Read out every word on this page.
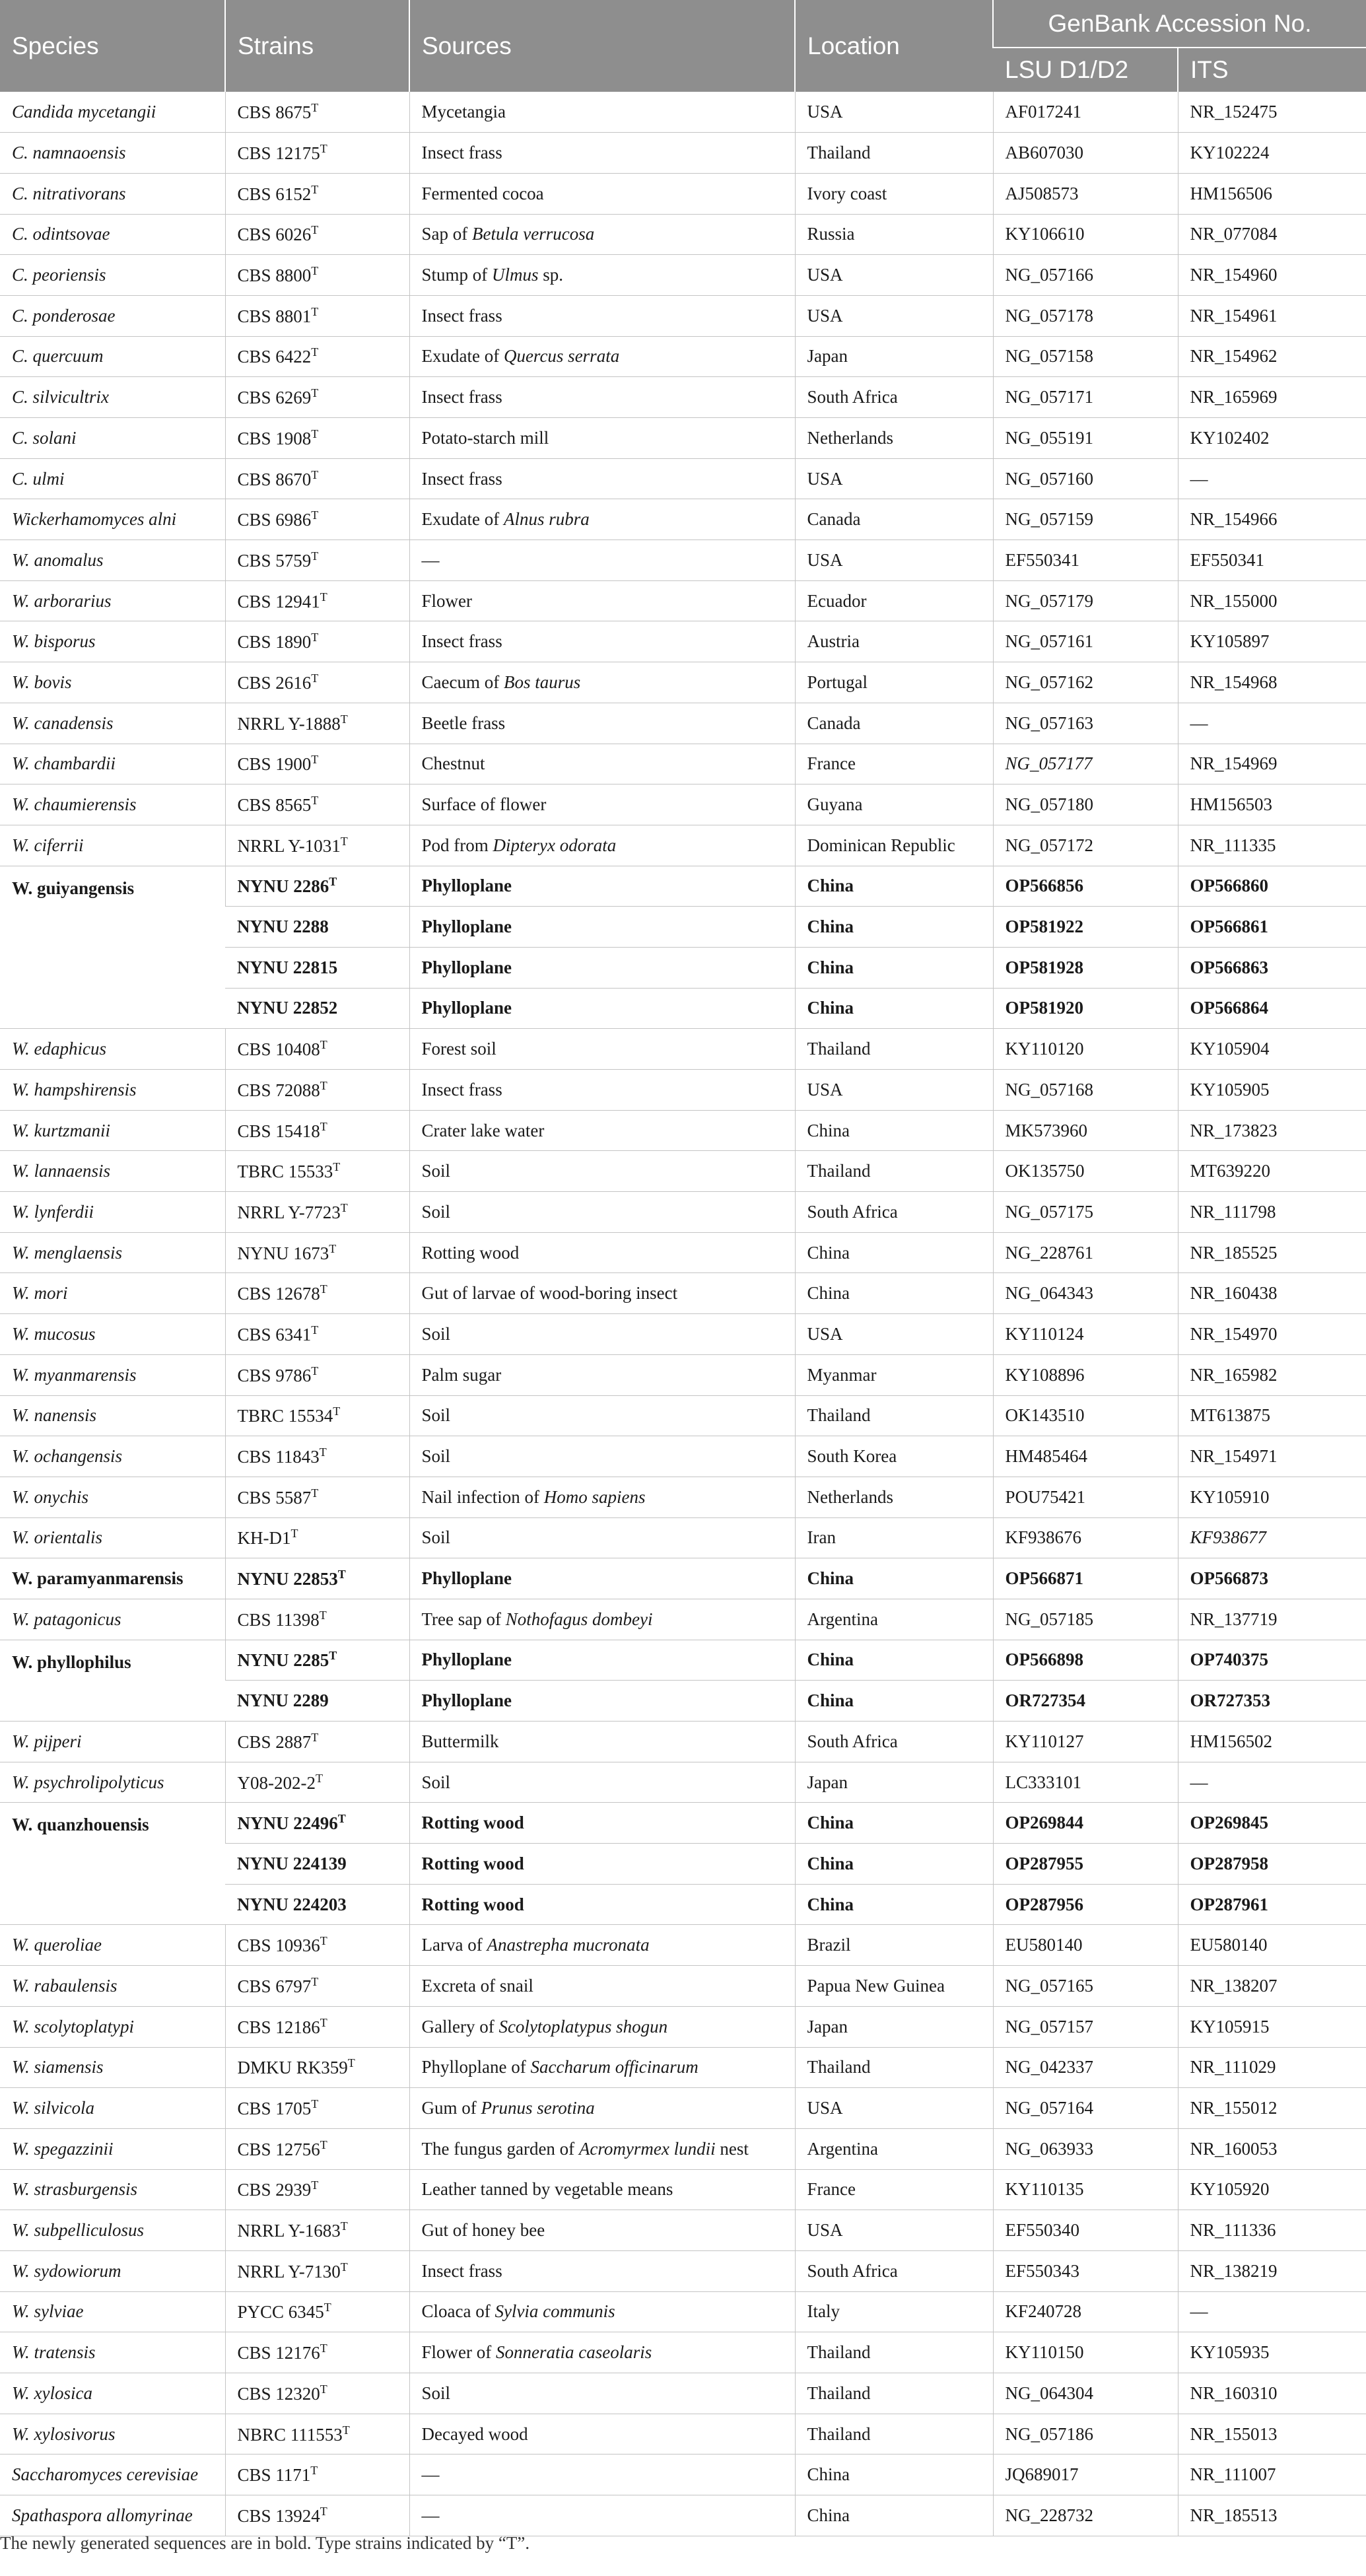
Species	Strains	Sources	Location	GenBank Accession No.	
				LSU D1/D2	ITS
Candida mycetangii	CBS $8675^T$	Mycetangia	USA	AF017241	NR_152475
C. namnaoensis	CBS $12175^T$	Insect frass	Thailand	AB607030	KY102224
C. nitrativorans	CBS $6152^T$	Fermented cocoa	Ivory coast	AJ508573	HM156506
C. odintsovae	CBS $6026^T$	Sap of Betula verrucosa	Russia	KY106610	NR_077084
C. peoriensis	CBS $8800^T$	Stump of Ulmus sp.	USA	NG_057166	NR_154960
C. ponderosae	CBS $8801^T$	Insect frass	USA	NG_057178	NR_154961
C. quercuum	CBS $6422^T$	Exudate of Quercus serrata	Japan	NG_057158	NR_154962
C. silvicultrix	CBS $6269^T$	Insect frass	South Africa	NG_057171	NR_165969
C. solani	CBS $1908^T$	Potato-starch mill	Netherlands	NG_055191	KY102402
C. ulmi	CBS $8670^T$	Insect frass	USA	NG_057160	—
Wickerhamomyces alni	CBS $6986^T$	Exudate of Alnus rubra	Canada	NG_057159	NR_154966
W. anomalus	CBS $5759^T$	—	USA	EF550341	EF550341
W. arborarius	CBS $12941^T$	Flower	Ecuador	NG_057179	NR_155000
W. bisporus	CBS $1890^T$	Insect frass	Austria	NG_057161	KY105897
W. bovis	CBS $2616^T$	Caecum of Bos taurus	Portugal	NG_057162	NR_154968
W. canadensis	NRRL $Y-1888^T$	Beetle frass	Canada	NG_057163	—
W. chambardii	CBS $1900^T$	Chestnut	France	NG_057177	NR_154969
W. chaumierensis	CBS $8565^T$	Surface of flower	Guyana	NG_057180	HM156503
W. ciferrii	NRRL $Y-1031^T$	Pod from Dipteryx odorata	Dominican Republic	NG_057172	NR_111335
W. guiyangensis	NYNU $2286^T$	Phylloplane	China	OP566856	OP566860
	NYNU 2288	Phylloplane	China	OP581922	OP566861
	NYNU 22815	Phylloplane	China	OP581928	OP566863
	NYNU 22852	Phylloplane	China	OP581920	OP566864
W. edaphicus	CBS $10408^T$	Forest soil	Thailand	KY110120	KY105904
W. hampshirensis	CBS $72088^T$	Insect frass	USA	NG_057168	KY105905
W. kurtzmanii	CBS $15418^T$	Crater lake water	China	MK573960	NR_173823
W. lannaensis	TBRC $15533^T$	Soil	Thailand	OK135750	MT639220
W. lynferdii	NRRL $Y-7723^T$	Soil	South Africa	NG_057175	NR_111798
W. menglaensis	NYNU $1673^T$	Rotting wood	China	NG_228761	NR_185525
W. mori	CBS $12678^T$	Gut of larvae of wood-boring insect	China	NG_064343	NR_160438
W. mucosus	CBS $6341^T$	Soil	USA	KY110124	NR_154970
W. myanmarensis	CBS $9786^T$	Palm sugar	Myanmar	KY108896	NR_165982
W. nanensis	TBRC $15534^T$	Soil	Thailand	OK143510	MT613875
W. ochangensis	CBS $11843^T$	Soil	South Korea	HM485464	NR_154971
W. onychis	CBS $5587^T$	Nail infection of Homo sapiens	Netherlands	POU75421	KY105910
W. orientalis	$KH-D1^T$	Soil	Iran	KF938676	KF938677
W. paramyanmarensis	NYNU $22853^T$	Phylloplane	China	OP566871	OP566873
W. patagonicus	CBS $11398^T$	Tree sap of Nothofagus dombeyi	Argentina	NG_057185	NR_137719
W. phyllophilus	NYNU $2285^T$	Phylloplane	China	OP566898	OP740375
	NYNU 2289	Phylloplane	China	OR727354	OR727353
W. pijperi	CBS $2887^T$	Buttermilk	South Africa	KY110127	HM156502
W. psychrolipolyticus	$Y08-202-2^T$	Soil	Japan	LC333101	—
W. quanzhouensis	NYNU $22496^T$	Rotting wood	China	OP269844	OP269845
	NYNU 224139	Rotting wood	China	OP287955	OP287958
	NYNU 224203	Rotting wood	China	OP287956	OP287961
W. queroliae	CBS $10936^T$	Larva of Anastrepha mucronata	Brazil	EU580140	EU580140
W. rabaulensis	CBS $6797^T$	Excreta of snail	Papua New Guinea	NG_057165	NR_138207
W. scolytoplatypi	CBS $12186^T$	Gallery of Scolytoplatypus shogun	Japan	NG_057157	KY105915
W. siamensis	DMKU $RK359^T$	Phylloplane of Saccharum officinarum	Thailand	NG_042337	NR_111029
W. silvicola	CBS $1705^T$	Gum of Prunus serotina	USA	NG_057164	NR_155012
W. spegazzinii	CBS $12756^T$	The fungus garden of Acromyrmex lundii nest	Argentina	NG_063933	NR_160053
W. strasburgensis	CBS $2939^T$	Leather tanned by vegetable means	France	KY110135	KY105920
W. subpelliculosus	NRRL $Y-1683^T$	Gut of honey bee	USA	EF550340	NR_111336
W. sydowiorum	NRRL $Y-7130^T$	Insect frass	South Africa	EF550343	NR_138219
W. sylviae	PYCC $6345^T$	Cloaca of Sylvia communis	Italy	KF240728	—
W. tratensis	CBS $12176^T$	Flower of Sonneratia caseolaris	Thailand	KY110150	KY105935
W. xylosica	CBS $12320^T$	Soil	Thailand	NG_064304	NR_160310
W. xylosivorus	NBRC $111553^T$	Decayed wood	Thailand	NG_057186	NR_155013
Saccharomyces cerevisiae	CBS $1171^T$	—	China	JQ689017	NR_111007
Spathaspora allomyrinae	CBS $13924^T$	—	China	NG_228732	NR_185513

The newly generated sequences are in bold. Type strains indicated by “T”.
